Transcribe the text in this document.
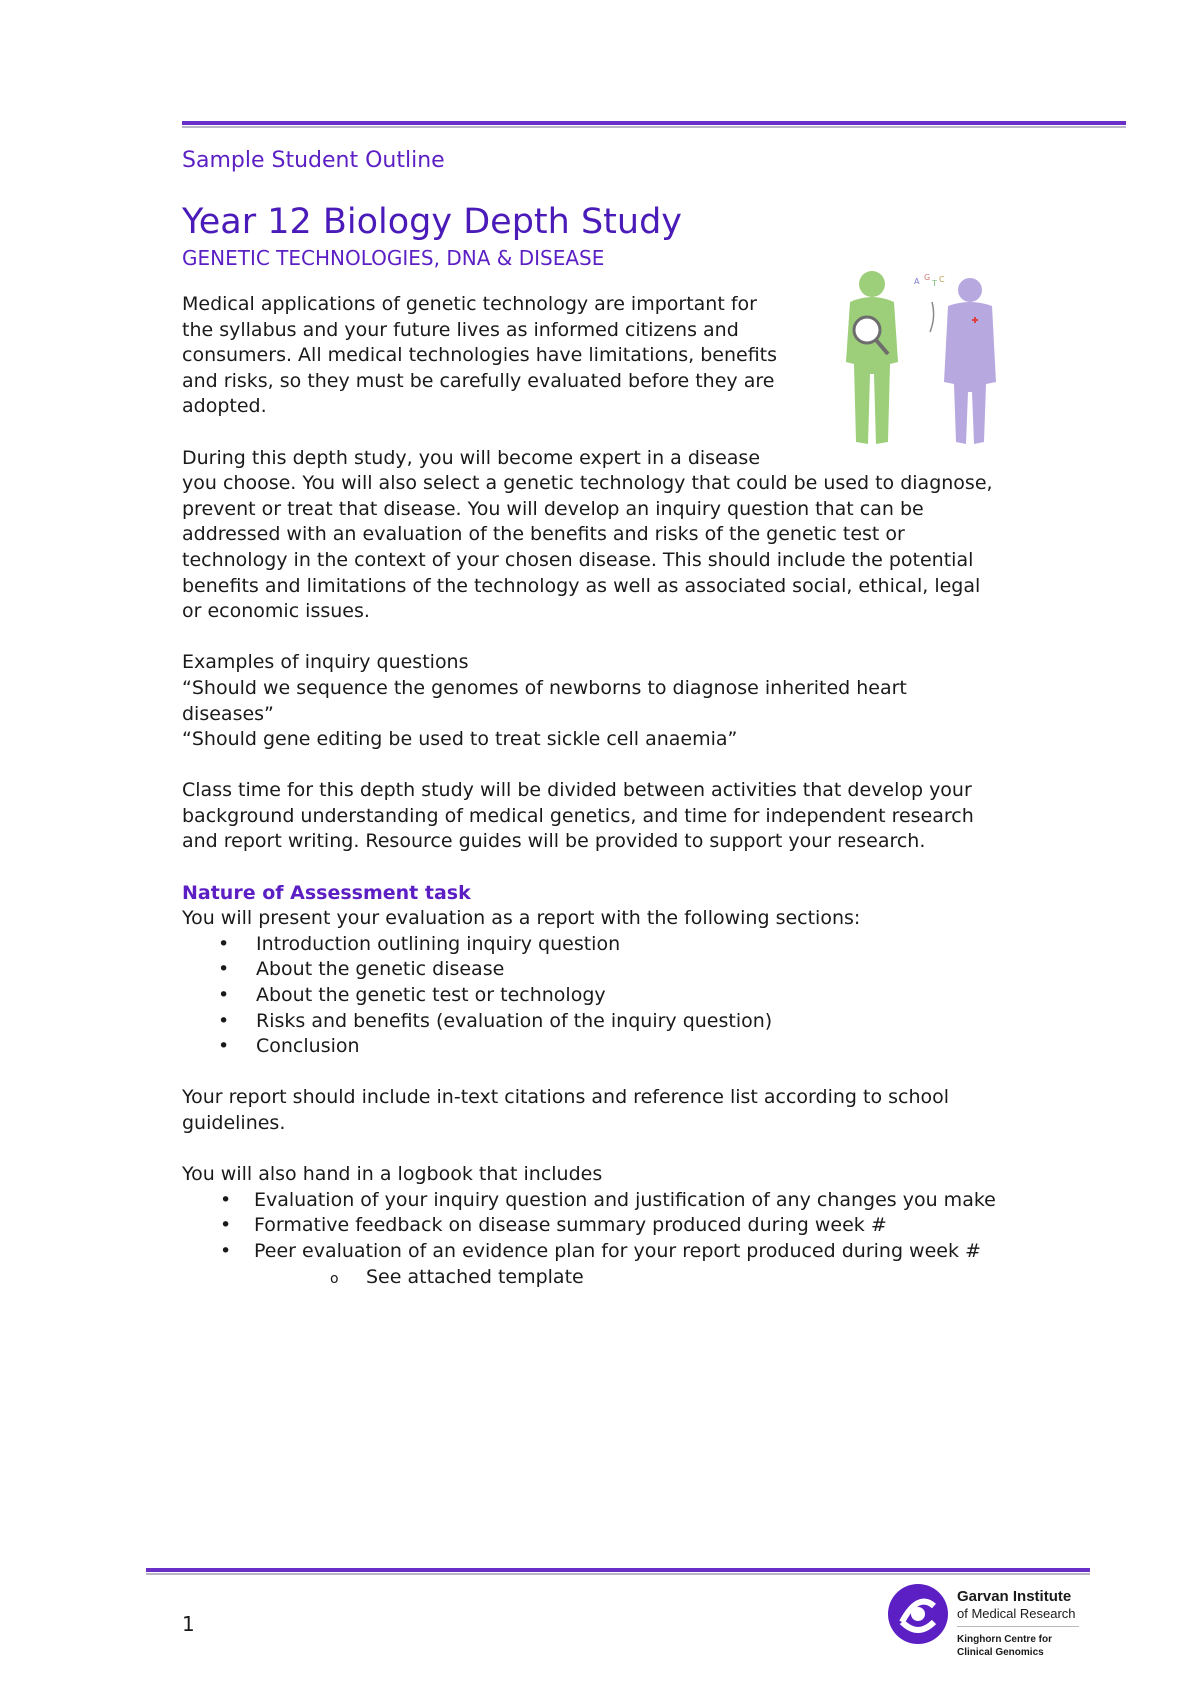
A G
T C

Sample Student Outline

Year 12 Biology Depth Study

GENETIC TECHNOLOGIES, DNA & DISEASE

Medical applications of genetic technology are important for
the syllabus and your future lives as informed citizens and
consumers. All medical technologies have limitations, benefits
and risks, so they must be carefully evaluated before they are
adopted.
During this depth study, you will become expert in a disease
you choose. You will also select a genetic technology that could be used to diagnose,
prevent or treat that disease. You will develop an inquiry question that can be
addressed with an evaluation of the benefits and risks of the genetic test or
technology in the context of your chosen disease. This should include the potential
benefits and limitations of the technology as well as associated social, ethical, legal
or economic issues.
Examples of inquiry questions
“Should we sequence the genomes of newborns to diagnose inherited heart
diseases”
“Should gene editing be used to treat sickle cell anaemia”
Class time for this depth study will be divided between activities that develop your
background understanding of medical genetics, and time for independent research
and report writing. Resource guides will be provided to support your research.

Nature of Assessment task

You will present your evaluation as a report with the following sections:
• Introduction outlining inquiry question
• About the genetic disease
• About the genetic test or technology
• Risks and benefits (evaluation of the inquiry question)
• Conclusion
Your report should include in-text citations and reference list according to school
guidelines.
You will also hand in a logbook that includes
• Evaluation of your inquiry question and justification of any changes you make
• Formative feedback on disease summary produced during week #
• Peer evaluation of an evidence plan for your report produced during week #
o See attached template
1
Garvan Institute
of Medical Research
Kinghorn Centre for
Clinical Genomics
